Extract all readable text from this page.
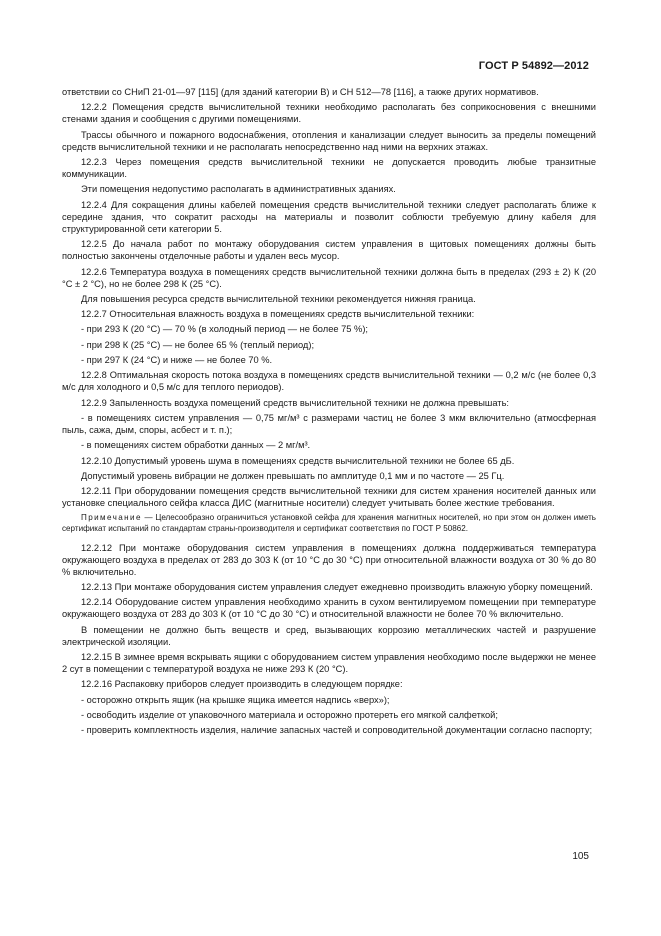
ГОСТ Р 54892—2012

ответствии со СНиП 21-01—97 [115] (для зданий категории В) и СН 512—78 [116], а также других нормативов.

12.2.2 Помещения средств вычислительной техники необходимо располагать без соприкосновения с внешними стенами здания и сообщения с другими помещениями.

Трассы обычного и пожарного водоснабжения, отопления и канализации следует выносить за пределы помещений средств вычислительной техники и не располагать непосредственно над ними на верхних этажах.

12.2.3 Через помещения средств вычислительной техники не допускается проводить любые транзитные коммуникации.

Эти помещения недопустимо располагать в административных зданиях.

12.2.4 Для сокращения длины кабелей помещения средств вычислительной техники следует располагать ближе к середине здания, что сократит расходы на материалы и позволит соблюсти требуемую длину кабеля для структурированной сети категории 5.

12.2.5 До начала работ по монтажу оборудования систем управления в щитовых помещениях должны быть полностью закончены отделочные работы и удален весь мусор.

12.2.6 Температура воздуха в помещениях средств вычислительной техники должна быть в пределах (293 ± 2) К (20 °С ± 2 °С), но не более 298 К (25 °С).

Для повышения ресурса средств вычислительной техники рекомендуется нижняя граница.

12.2.7 Относительная влажность воздуха в помещениях средств вычислительной техники:

- при 293 К (20 °С) — 70 % (в холодный период — не более 75 %);

- при 298 К (25 °С) — не более 65 % (теплый период);

- при 297 К (24 °С) и ниже — не более 70 %.

12.2.8 Оптимальная скорость потока воздуха в помещениях средств вычислительной техники — 0,2 м/с (не более 0,3 м/с для холодного и 0,5 м/с для теплого периодов).

12.2.9 Запыленность воздуха помещений средств вычислительной техники не должна превышать:

- в помещениях систем управления — 0,75 мг/м³ с размерами частиц не более 3 мкм включительно (атмосферная пыль, сажа, дым, споры, асбест и т. п.);

- в помещениях систем обработки данных — 2 мг/м³.

12.2.10 Допустимый уровень шума в помещениях средств вычислительной техники не более 65 дБ.

Допустимый уровень вибрации не должен превышать по амплитуде 0,1 мм и по частоте — 25 Гц.

12.2.11 При оборудовании помещения средств вычислительной техники для систем хранения носителей данных или установке специального сейфа класса ДИС (магнитные носители) следует учитывать более жесткие требования.

Примечание — Целесообразно ограничиться установкой сейфа для хранения магнитных носителей, но при этом он должен иметь сертификат испытаний по стандартам страны-производителя и сертификат соответствия по ГОСТ Р 50862.

12.2.12 При монтаже оборудования систем управления в помещениях должна поддерживаться температура окружающего воздуха в пределах от 283 до 303 К (от 10 °С до 30 °С) при относительной влажности воздуха от 30 % до 80 % включительно.

12.2.13 При монтаже оборудования систем управления следует ежедневно производить влажную уборку помещений.

12.2.14 Оборудование систем управления необходимо хранить в сухом вентилируемом помещении при температуре окружающего воздуха от 283 до 303 К (от 10 °С до 30 °С) и относительной влажности не более 70 % включительно.

В помещении не должно быть веществ и сред, вызывающих коррозию металлических частей и разрушение электрической изоляции.

12.2.15 В зимнее время вскрывать ящики с оборудованием систем управления необходимо после выдержки не менее 2 сут в помещении с температурой воздуха не ниже 293 К (20 °С).

12.2.16 Распаковку приборов следует производить в следующем порядке:

- осторожно открыть ящик (на крышке ящика имеется надпись «верх»);

- освободить изделие от упаковочного материала и осторожно протереть его мягкой салфеткой;

- проверить комплектность изделия, наличие запасных частей и сопроводительной документации согласно паспорту;

105
